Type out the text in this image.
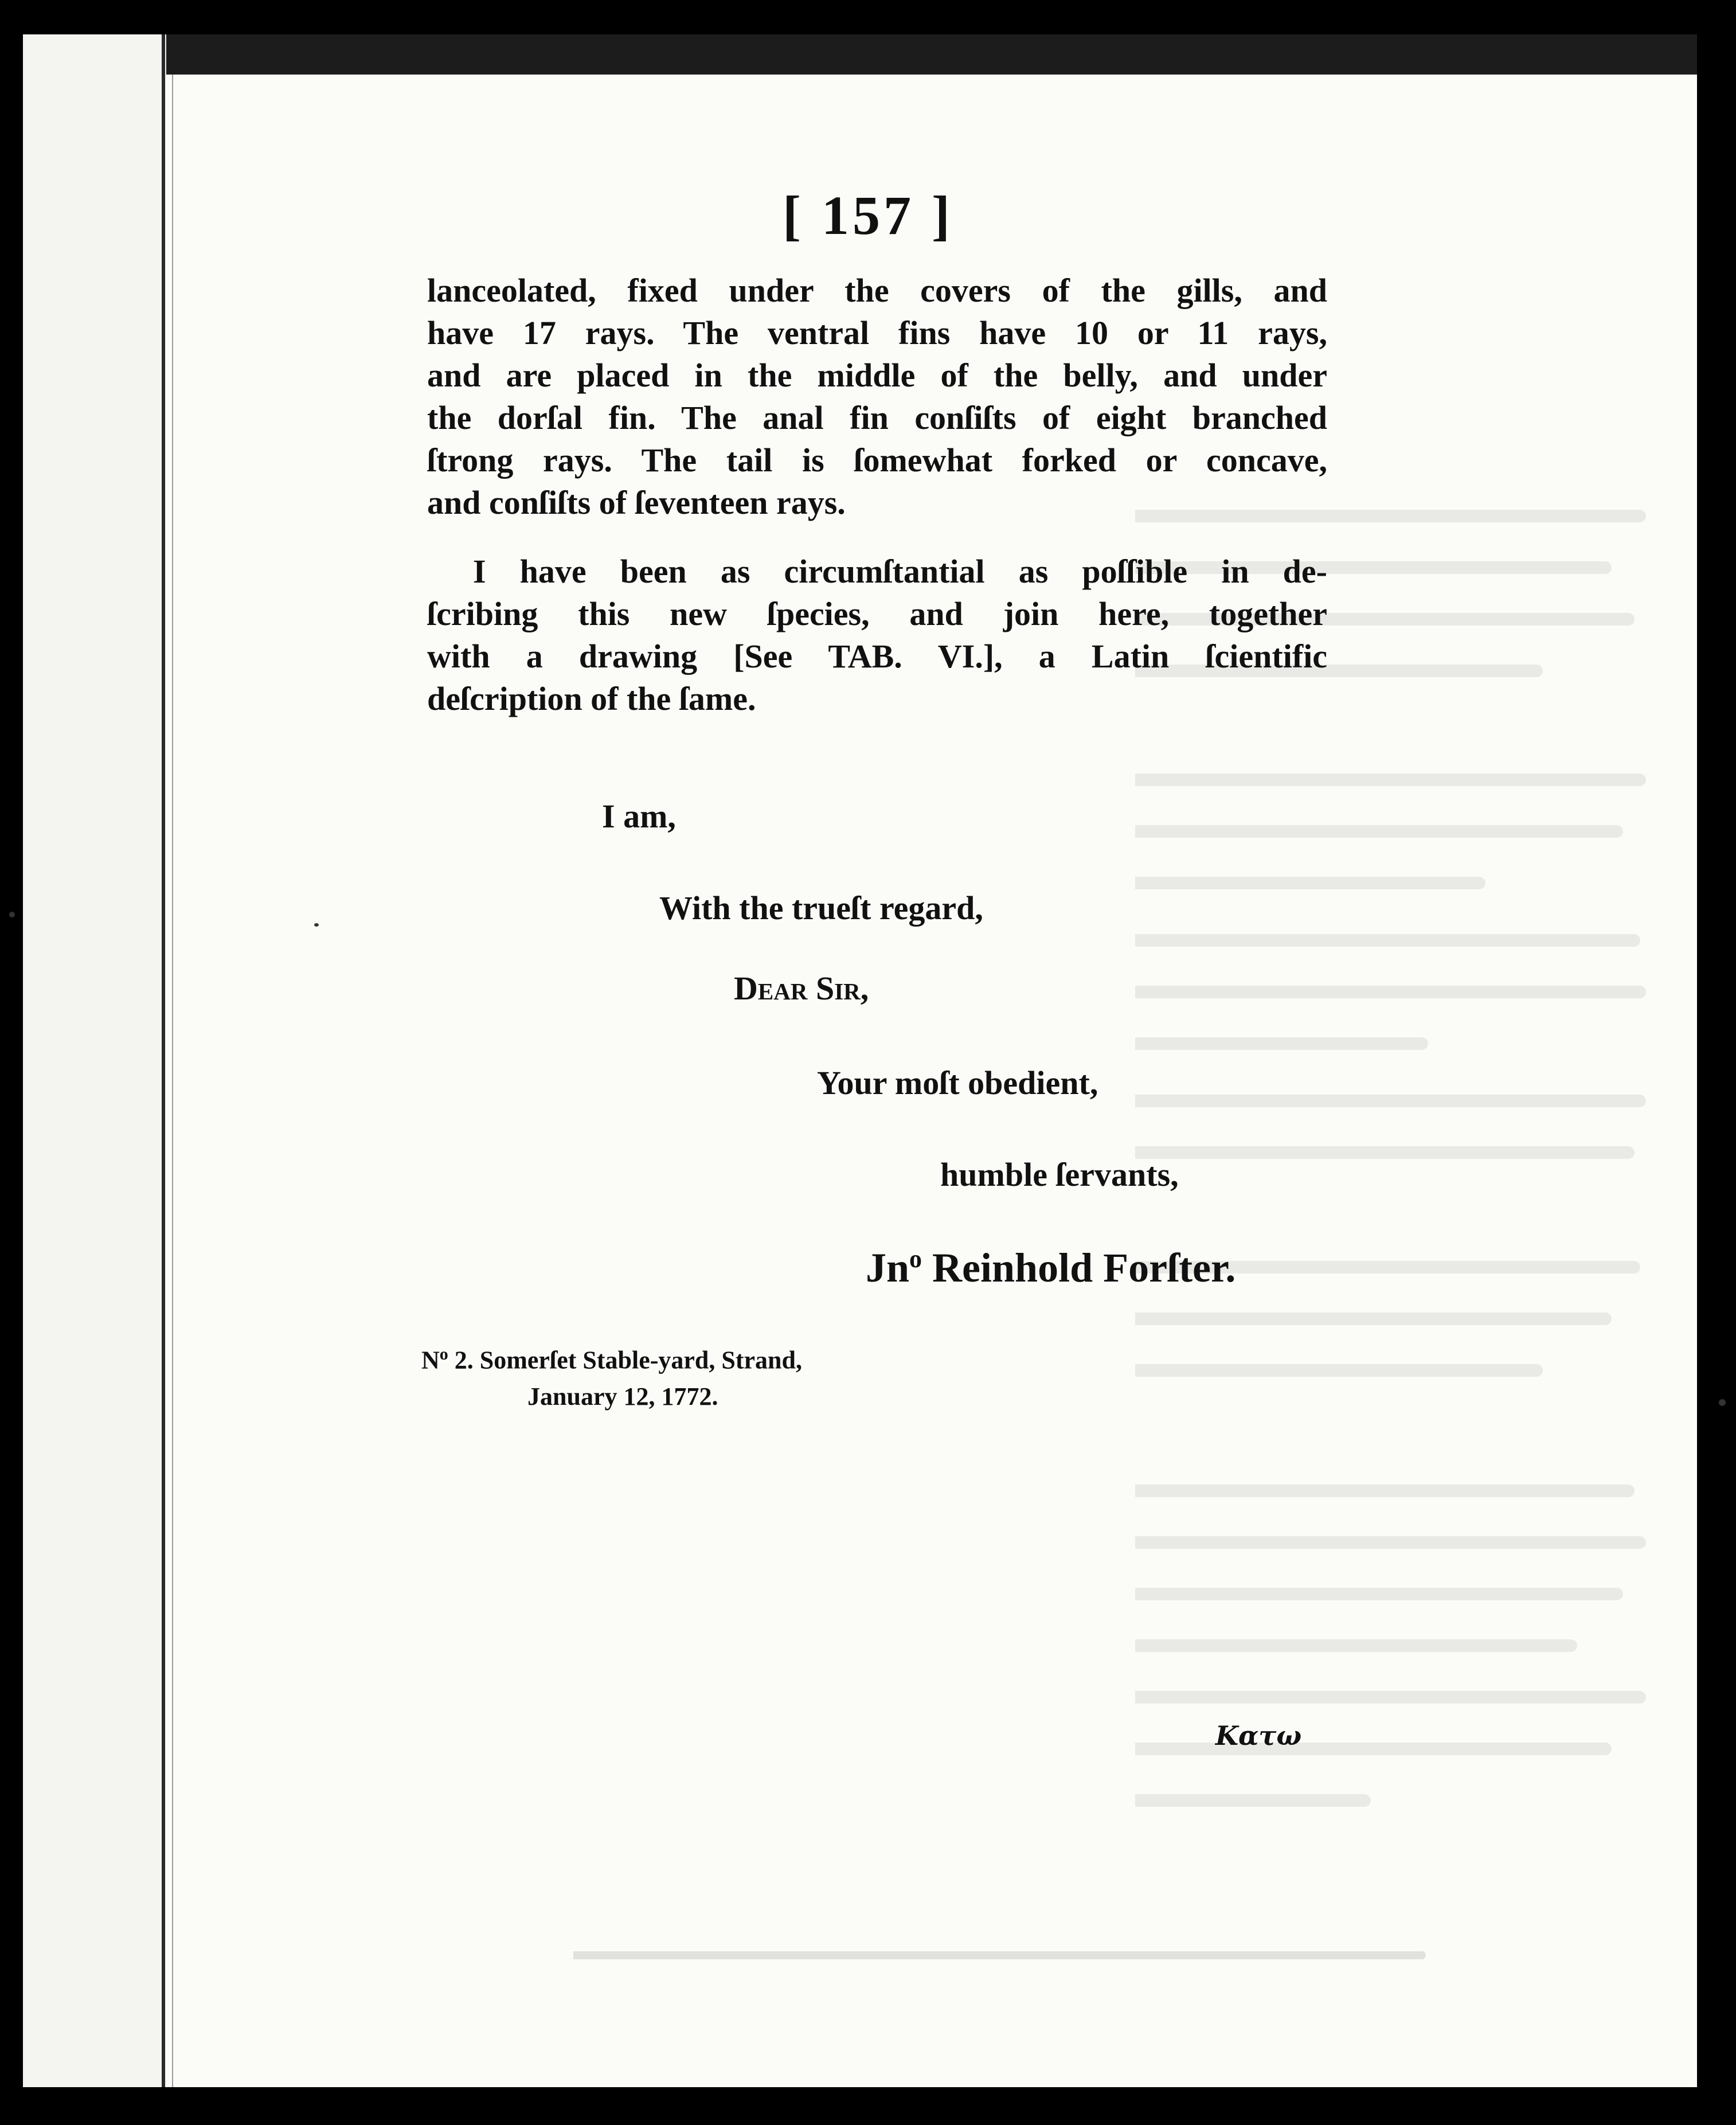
[ 157 ]

lanceolated, fixed under the covers of the gills, and
have 17 rays. The ventral fins have 10 or 11 rays,
and are placed in the middle of the belly, and under
the dorſal fin. The anal fin conſiſts of eight branched
ſtrong rays. The tail is ſomewhat forked or concave,
and conſiſts of ſeventeen rays.

I have been as circumſtantial as poſſible in de-
ſcribing this new ſpecies, and join here, together
with a drawing [See TAB. VI.], a Latin ſcientific
deſcription of the ſame.

I am,
With the trueſt regard,
Dear Sir,
Your moſt obedient,
humble ſervants,
Jn$^o$ Reinhold Forſter.
$N^o$ 2. Somerſet Stable-yard, Strand,
January 12, 1772.
Κατω
